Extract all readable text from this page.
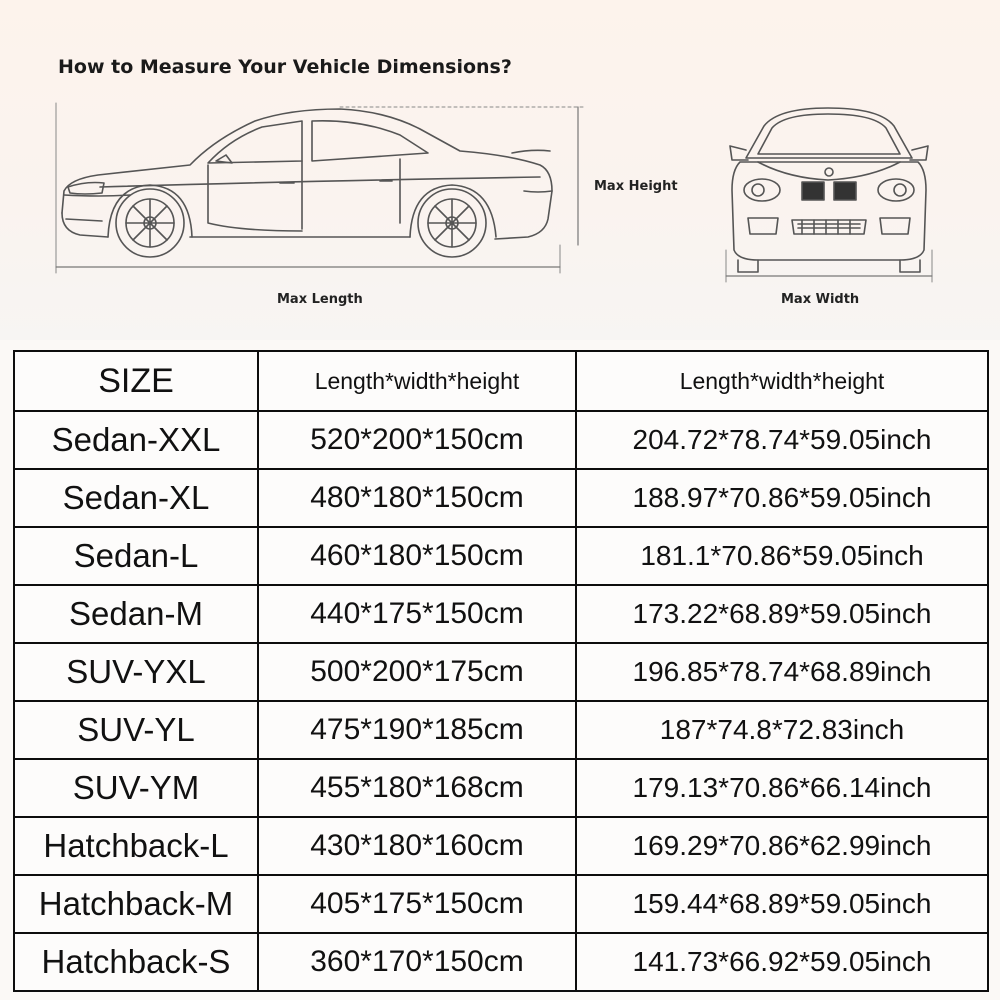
How to Measure Your Vehicle Dimensions?
Max Height
Max Length	Max Width
SIZE	Length*width*height	Length*width*height
Sedan-XXL	520*200*150cm	204.72*78.74*59.05inch
Sedan-XL	480*180*150cm	188.97*70.86*59.05inch
Sedan-L	460*180*150cm	181.1*70.86*59.05inch
Sedan-M	440*175*150cm	173.22*68.89*59.05inch
SUV-YXL	500*200*175cm	196.85*78.74*68.89inch
SUV-YL	475*190*185cm	187*74.8*72.83inch
SUV-YM	455*180*168cm	179.13*70.86*66.14inch
Hatchback-L	430*180*160cm	169.29*70.86*62.99inch
Hatchback-M	405*175*150cm	159.44*68.89*59.05inch
Hatchback-S	360*170*150cm	141.73*66.92*59.05inch
